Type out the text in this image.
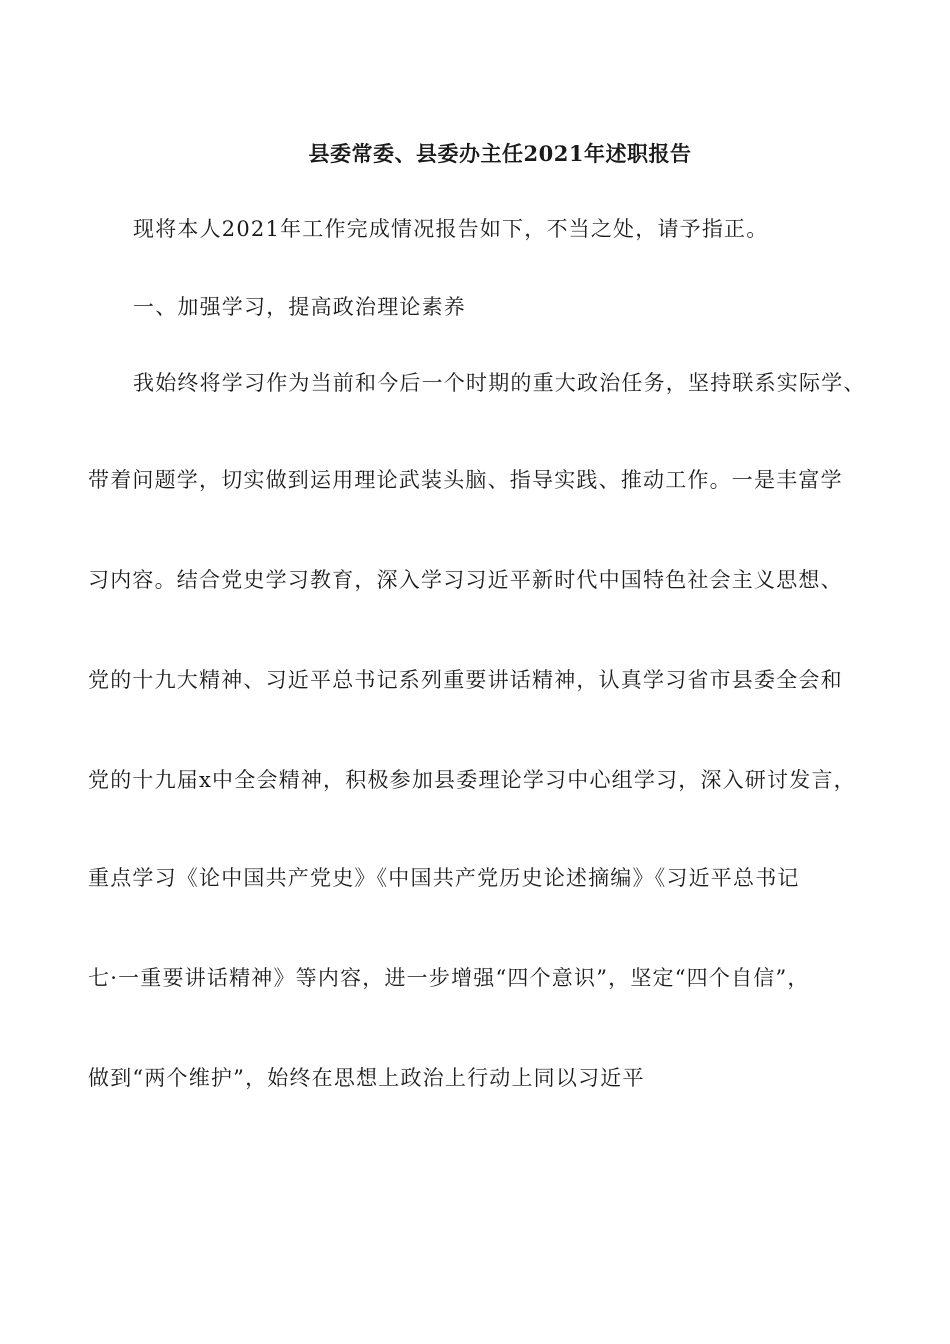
县委常委、县委办主任2021年述职报告
现将本人2021年工作完成情况报告如下，不当之处，请予指正。
一、加强学习，提高政治理论素养
我始终将学习作为当前和今后一个时期的重大政治任务，坚持联系实际学、
带着问题学，切实做到运用理论武装头脑、指导实践、推动工作。一是丰富学
习内容。结合党史学习教育，深入学习习近平新时代中国特色社会主义思想、
党的十九大精神、习近平总书记系列重要讲话精神，认真学习省市县委全会和
党的十九届x中全会精神，积极参加县委理论学习中心组学习，深入研讨发言，
重点学习《论中国共产党史》《中国共产党历史论述摘编》《习近平总书记
七·一重要讲话精神》等内容，进一步增强“四个意识”，坚定“四个自信”，
做到“两个维护”，始终在思想上政治上行动上同以习近平
